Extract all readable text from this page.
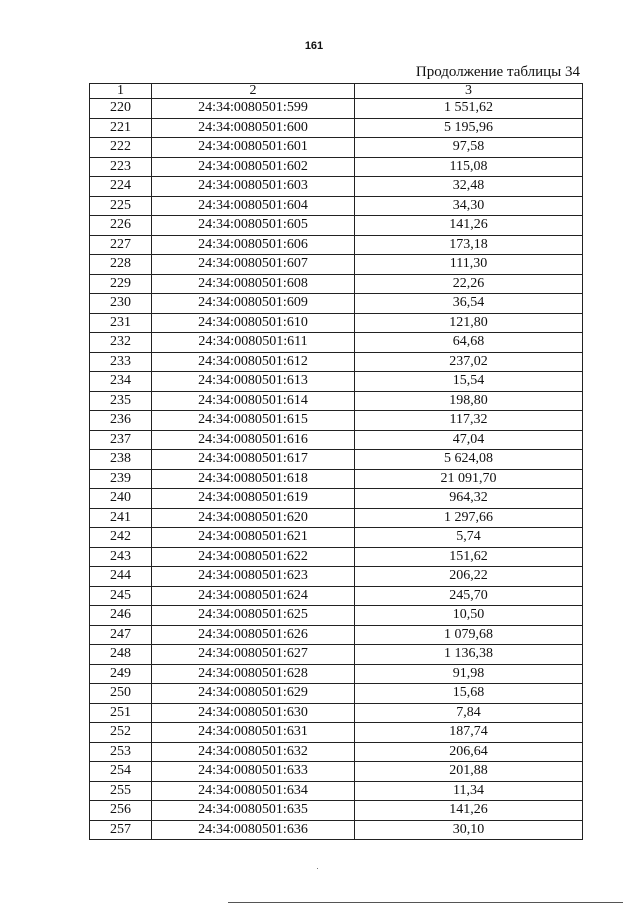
161
Продолжение таблицы 34
1	2	3
220	24:34:0080501:599	1 551,62
221	24:34:0080501:600	5 195,96
222	24:34:0080501:601	97,58
223	24:34:0080501:602	115,08
224	24:34:0080501:603	32,48
225	24:34:0080501:604	34,30
226	24:34:0080501:605	141,26
227	24:34:0080501:606	173,18
228	24:34:0080501:607	111,30
229	24:34:0080501:608	22,26
230	24:34:0080501:609	36,54
231	24:34:0080501:610	121,80
232	24:34:0080501:611	64,68
233	24:34:0080501:612	237,02
234	24:34:0080501:613	15,54
235	24:34:0080501:614	198,80
236	24:34:0080501:615	117,32
237	24:34:0080501:616	47,04
238	24:34:0080501:617	5 624,08
239	24:34:0080501:618	21 091,70
240	24:34:0080501:619	964,32
241	24:34:0080501:620	1 297,66
242	24:34:0080501:621	5,74
243	24:34:0080501:622	151,62
244	24:34:0080501:623	206,22
245	24:34:0080501:624	245,70
246	24:34:0080501:625	10,50
247	24:34:0080501:626	1 079,68
248	24:34:0080501:627	1 136,38
249	24:34:0080501:628	91,98
250	24:34:0080501:629	15,68
251	24:34:0080501:630	7,84
252	24:34:0080501:631	187,74
253	24:34:0080501:632	206,64
254	24:34:0080501:633	201,88
255	24:34:0080501:634	11,34
256	24:34:0080501:635	141,26
257	24:34:0080501:636	30,10
